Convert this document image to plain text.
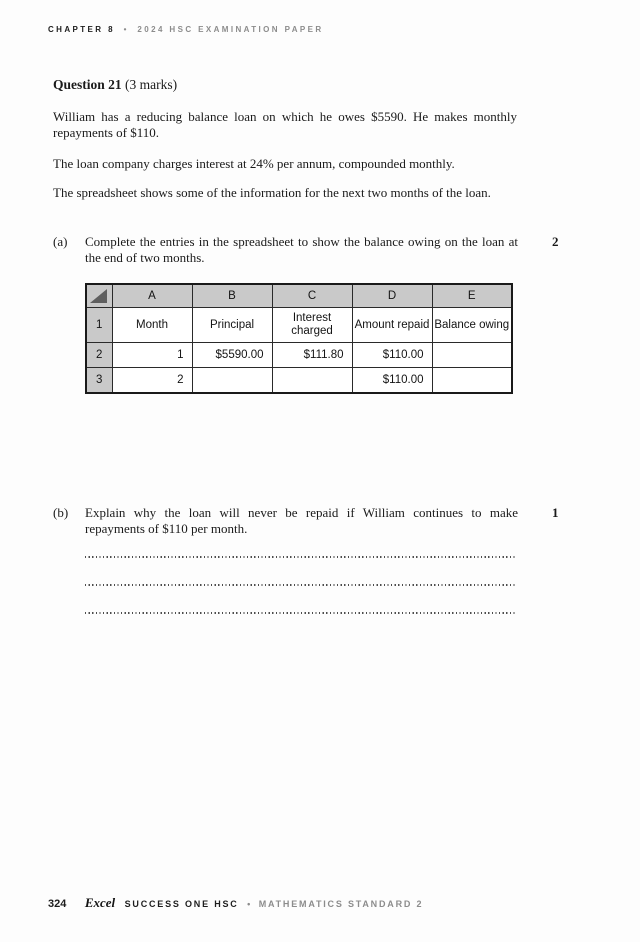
CHAPTER 8 • 2024 HSC EXAMINATION PAPER
Question 21 (3 marks)
William has a reducing balance loan on which he owes $5590. He makes monthly repayments of $110.
The loan company charges interest at 24% per annum, compounded monthly.
The spreadsheet shows some of the information for the next two months of the loan.
(a) Complete the entries in the spreadsheet to show the balance owing on the loan at the end of two months.
2
	A	B	C	D	E
1	Month	Principal	Interest charged	Amount repaid	Balance owing
2	1	$5590.00	$111.80	$110.00	
3	2			$110.00	
(b) Explain why the loan will never be repaid if William continues to make repayments of $110 per month.
1
324 Excel SUCCESS ONE HSC • MATHEMATICS STANDARD 2
